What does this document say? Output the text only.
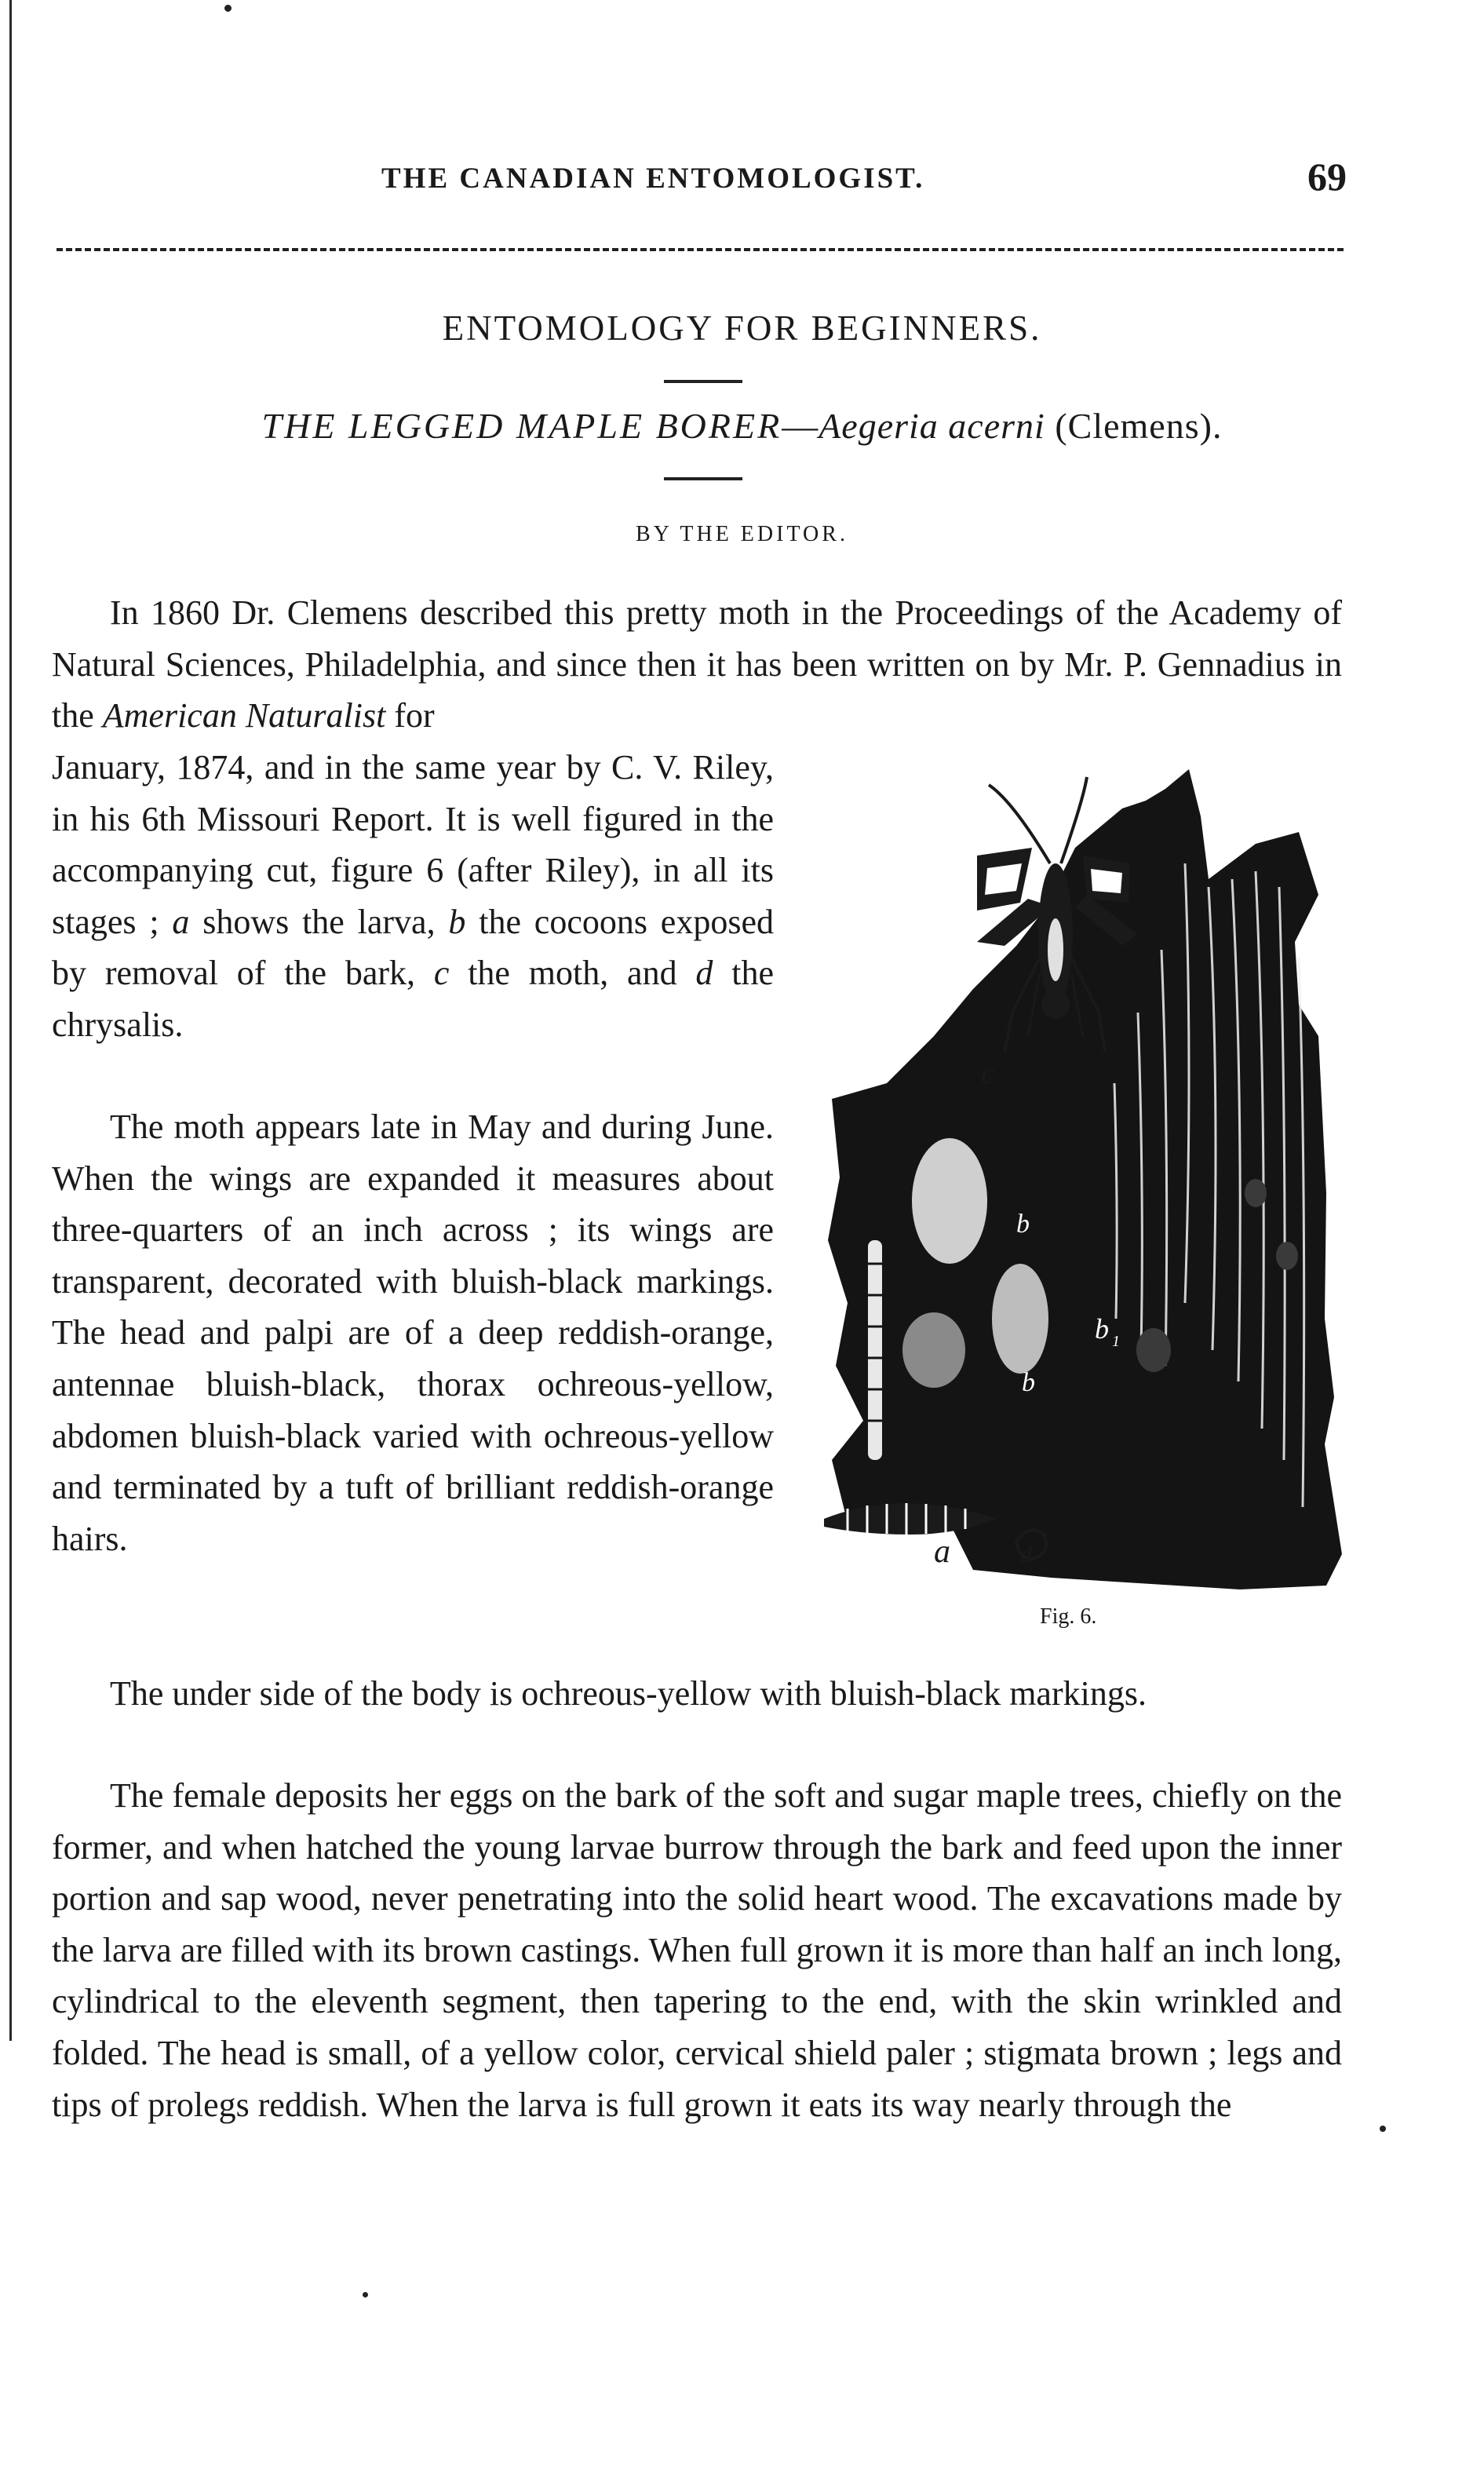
THE CANADIAN ENTOMOLOGIST.	69
ENTOMOLOGY FOR BEGINNERS.
THE LEGGED MAPLE BORER—Aegeria acerni (Clemens).
BY THE EDITOR.

In 1860 Dr. Clemens described this pretty moth in the Proceedings of the Academy of Natural Sciences, Philadelphia, and since then it has been written on by Mr. P. Gennadius in the American Naturalist for

January, 1874, and in the same year by C. V. Riley, in his 6th Missouri Report. It is well figured in the accompanying cut, figure 6 (after Riley), in all its stages ; a shows the larva, b the cocoons exposed by removal of the bark, c the moth, and d the chrysalis.

The moth appears late in May and during June. When the wings are expanded it measures about three-quarters of an inch across ; its wings are transparent, decorated with bluish-black markings. The head and palpi are of a deep reddish-orange, antennae bluish-black, thorax ochreous-yellow, abdomen bluish-black varied with ochreous-yellow and terminated by a tuft of brilliant reddish-orange hairs.

The under side of the body is ochreous-yellow with bluish-black markings.

The female deposits her eggs on the bark of the soft and sugar maple trees, chiefly on the former, and when hatched the young larvae burrow through the bark and feed upon the inner portion and sap wood, never penetrating into the solid heart wood. The excavations made by the larva are filled with its brown castings. When full grown it is more than half an inch long, cylindrical to the eleventh segment, then tapering to the end, with the skin wrinkled and folded. The head is small, of a yellow color, cervical shield paler ; stigmata brown ; legs and tips of prolegs reddish. When the larva is full grown it eats its way nearly through the

c
a	d
b
b 1
b
Fig. 6.
